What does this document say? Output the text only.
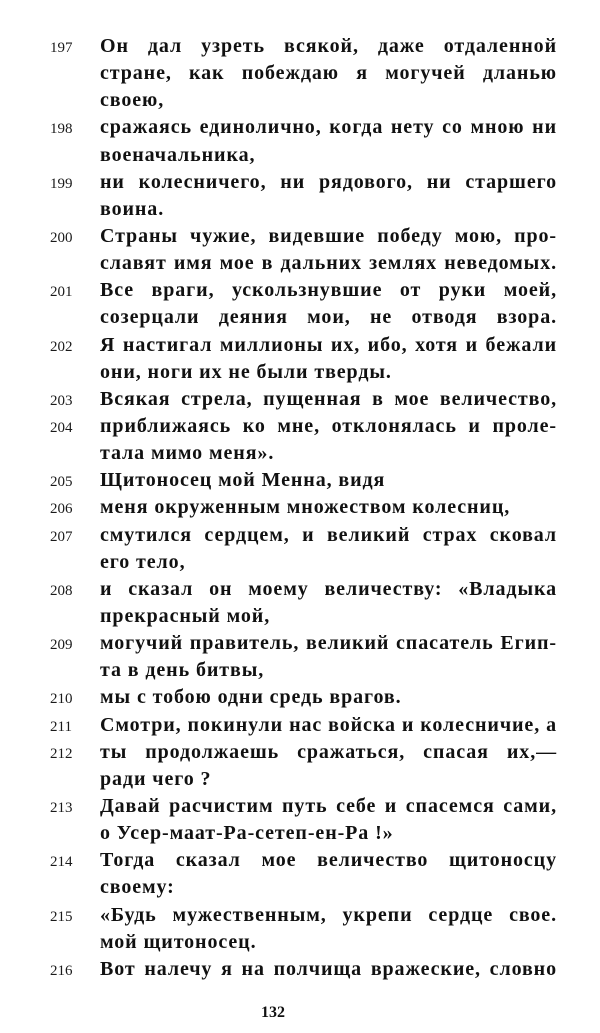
197	Он дал узреть всякой, даже отдаленной
стране, как побеждаю я могучей дланью
своею,
198	сражаясь единолично, когда нету со мною ни
военачальника,
199	ни колесничего, ни рядового, ни старшего
воина.
200	Страны чужие, видевшие победу мою, про-
славят имя мое в дальних землях неведомых.
201	Все враги, ускользнувшие от руки моей,
созерцали деяния мои, не отводя взора.
202	Я настигал миллионы их, ибо, хотя и бежали
они, ноги их не были тверды.
203	Всякая стрела, пущенная в мое величество,
204	приближаясь ко мне, отклонялась и проле-
тала мимо меня».
205	Щитоносец мой Менна, видя
206	меня окруженным множеством колесниц,
207	смутился сердцем, и великий страх сковал
его тело,
208	и сказал он моему величеству: «Владыка
прекрасный мой,
209	могучий правитель, великий спасатель Егип-
та в день битвы,
210	мы с тобою одни средь врагов.
211	Смотри, покинули нас войска и колесничие, а
212	ты продолжаешь сражаться, спасая их,—
ради чего ?
213	Давай расчистим путь себе и спасемся сами,
о Усер-маат-Ра-сетеп-ен-Ра !»
214	Тогда сказал мое величество щитоносцу
своему:
215	«Будь мужественным, укрепи сердце свое.
мой щитоносец.
216	Вот налечу я на полчища вражеские, словно
132
